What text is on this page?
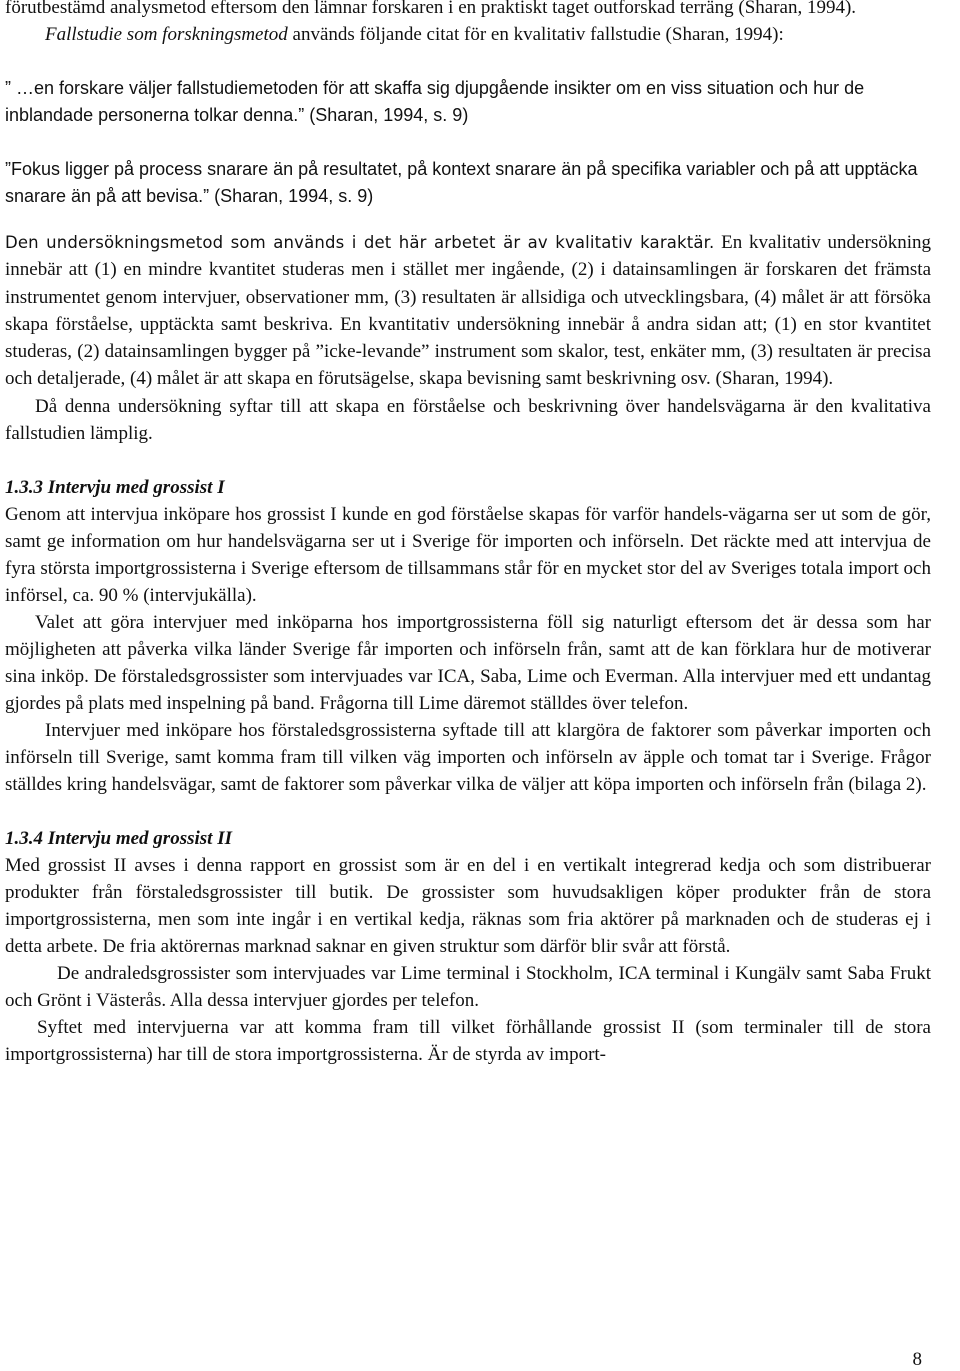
förutbestämd analysmetod eftersom den lämnar forskaren i en praktiskt taget outforskad terräng (Sharan, 1994).

Fallstudie som forskningsmetod används följande citat för en kvalitativ fallstudie (Sharan, 1994):

” …en forskare väljer fallstudiemetoden för att skaffa sig djupgående insikter om en viss situation och hur de inblandade personerna tolkar denna.” (Sharan, 1994, s. 9)

”Fokus ligger på process snarare än på resultatet, på kontext snarare än på specifika variabler och på att upptäcka snarare än på att bevisa.” (Sharan, 1994, s. 9)

Den undersökningsmetod som används i det här arbetet är av kvalitativ karaktär. En kvalitativ undersökning innebär att (1) en mindre kvantitet studeras men i stället mer ingående, (2) i datainsamlingen är forskaren det främsta instrumentet genom intervjuer, observationer mm, (3) resultaten är allsidiga och utvecklingsbara, (4) målet är att försöka skapa förståelse, upptäckta samt beskriva. En kvantitativ undersökning innebär å andra sidan att; (1) en stor kvantitet studeras, (2) datainsamlingen bygger på ”icke-levande” instrument som skalor, test, enkäter mm, (3) resultaten är precisa och detaljerade, (4) målet är att skapa en förutsägelse, skapa bevisning samt beskrivning osv. (Sharan, 1994).

Då denna undersökning syftar till att skapa en förståelse och beskrivning över handelsvägarna är den kvalitativa fallstudien lämplig.

1.3.3 Intervju med grossist I

Genom att intervjua inköpare hos grossist I kunde en god förståelse skapas för varför handels-vägarna ser ut som de gör, samt ge information om hur handelsvägarna ser ut i Sverige för importen och införseln. Det räckte med att intervjua de fyra största importgrossisterna i Sverige eftersom de tillsammans står för en mycket stor del av Sveriges totala import och införsel, ca. 90 % (intervjukälla).

Valet att göra intervjuer med inköparna hos importgrossisterna föll sig naturligt eftersom det är dessa som har möjligheten att påverka vilka länder Sverige får importen och införseln från, samt att de kan förklara hur de motiverar sina inköp. De förstaledsgrossister som intervjuades var ICA, Saba, Lime och Everman. Alla intervjuer med ett undantag gjordes på plats med inspelning på band. Frågorna till Lime däremot ställdes över telefon.

Intervjuer med inköpare hos förstaledsgrossisterna syftade till att klargöra de faktorer som påverkar importen och införseln till Sverige, samt komma fram till vilken väg importen och införseln av äpple och tomat tar i Sverige. Frågor ställdes kring handelsvägar, samt de faktorer som påverkar vilka de väljer att köpa importen och införseln från (bilaga 2).

1.3.4 Intervju med grossist II

Med grossist II avses i denna rapport en grossist som är en del i en vertikalt integrerad kedja och som distribuerar produkter från förstaledsgrossister till butik. De grossister som huvudsakligen köper produkter från de stora importgrossisterna, men som inte ingår i en vertikal kedja, räknas som fria aktörer på marknaden och de studeras ej i detta arbete. De fria aktörernas marknad saknar en given struktur som därför blir svår att förstå.

De andraledsgrossister som intervjuades var Lime terminal i Stockholm, ICA terminal i Kungälv samt Saba Frukt och Grönt i Västerås. Alla dessa intervjuer gjordes per telefon.

Syftet med intervjuerna var att komma fram till vilket förhållande grossist II (som terminaler till de stora importgrossisterna) har till de stora importgrossisterna. Är de styrda av import-

8
